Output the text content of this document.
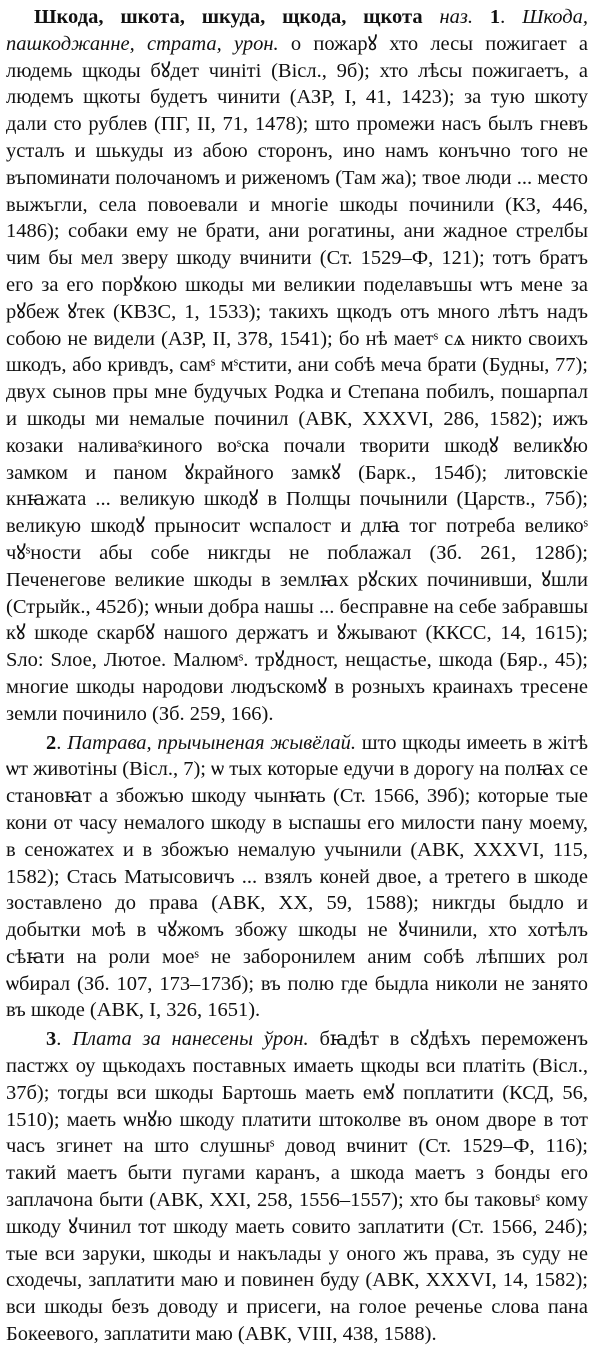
Шкода, шкота, шкуда, щкода, щкота наз. 1. Шкода, пашкоджанне, страта, урон. о пожарꙋ хто лесы пожигает а людемь щкоды бꙋдет чиніті (Вісл., 9б); хто лѣсы пожигаетъ, а людемъ щкоты будетъ чинити (АЗР, І, 41, 1423); за тую шкоту дали сто рублев (ПГ, II, 71, 1478); што промежи насъ былъ гневъ усталъ и шькуды из абою сторонъ, ино намъ конъчно того не въпоминати полочаномъ и риженомъ (Там жа); твое люди ... место выжъгли, села повоевали и многіе шкоды починили (КЗ, 446, 1486); собаки ему не брати, ани рогатины, ани жадное стрелбы чим бы мел зверу шкоду вчинити (Ст. 1529–Ф, 121); тотъ братъ его за его порꙋкою шкоды ми великии поделавъшы ѡтъ мене за рꙋбеж ꙋтек (КВЗС, 1, 1533); такихъ щкодъ отъ много лѣтъ надъ собою не видели (АЗР, II, 378, 1541); бо нѣ маетˢ сѧ никто своихъ шкодъ, або кривдъ, самˢ мˢстити, ани собѣ меча брати (Будны, 77); двух сынов пры мне будучых Родка и Степана побилъ, пошарпал и шкоды ми немалые починил (АВК, XXXVI, 286, 1582); ижъ козаки наливаˢкиного воˢска почали творити шкодꙋ великꙋю замком и паном ꙋкрайного замкꙋ (Барк., 154б); литовскіе кнꙗжата ... великую шкодꙋ в Полщы почынили (Царств., 75б); великую шкодꙋ прыносит ѡспалост и длꙗ тог потреба великоˢ чꙋˢности абы собе никгды не поблажал (Зб. 261, 128б); Печенегове великие шкоды в землꙗх рꙋских починивши, ꙋшли (Стрыйк., 452б); ѡныи добра нашы ... бесправне на себе забравшы кꙋ шкоде скарбꙋ нашого держатъ и ꙋжывают (ККСС, 14, 1615); Ѕло: Ѕлое, Лютое. Малюмˢ. трꙋдност, нещастье, шкода (Бяр., 45); многие шкоды народови людъскомꙋ в розныхъ краинахъ тресене земли починило (Зб. 259, 166).

2. Патрава, прычыненая жывёлай. што щкоды имееть в жітѣ ѡт животіны (Вісл., 7); ѡ тых которые едучи в дорогу на полꙗх се становꙗт а збожъю шкоду чынꙗть (Ст. 1566, 39б); которые тые кони от часу немалого шкоду в ыспашы его милости пану моему, в сеножатех и в збожъю немалую учынили (АВК, XXXVI, 115, 1582); Стась Матысовичъ ... взялъ коней двое, а третего в шкоде зоставлено до права (АВК, XX, 59, 1588); никгды быдло и добытки моѣ в чꙋжомъ збожу шкоды не ꙋчинили, хто хотѣлъ сѣꙗти на роли моеˢ не заборонилем аним собѣ лѣпших рол ѡбирал (Зб. 107, 173–173б); въ полю где быдла николи не занято въ шкоде (АВК, I, 326, 1651).

3. Плата за нанесены ўрон. бꙗдѣт в сꙋдѣхъ переможенъ пастжх оу щькодахъ поставных имаеть щкоды вси платіть (Вісл., 37б); тогды вси шкоды Бартошь маеть емꙋ поплатити (КСД, 56, 1510); маеть ѡнꙋю шкоду платити штоколве въ оном дворе в тот часъ згинет на што слушныˢ довод вчинит (Ст. 1529–Ф, 116); такий маетъ быти пугами каранъ, а шкода маетъ з бонды его заплачона быти (АВК, XXI, 258, 1556–1557); хто бы таковыˢ кому шкоду ꙋчинил тот шкоду маеть совито заплатити (Ст. 1566, 24б); тые вси заруки, шкоды и накълады у оного жъ права, зъ суду не сходечы, заплатити маю и повинен буду (АВК, XXXVI, 14, 1582); вси шкоды безъ доводу и присеги, на голое реченье слова пана Бокеевого, заплатити маю (АВК, VIII, 438, 1588).
